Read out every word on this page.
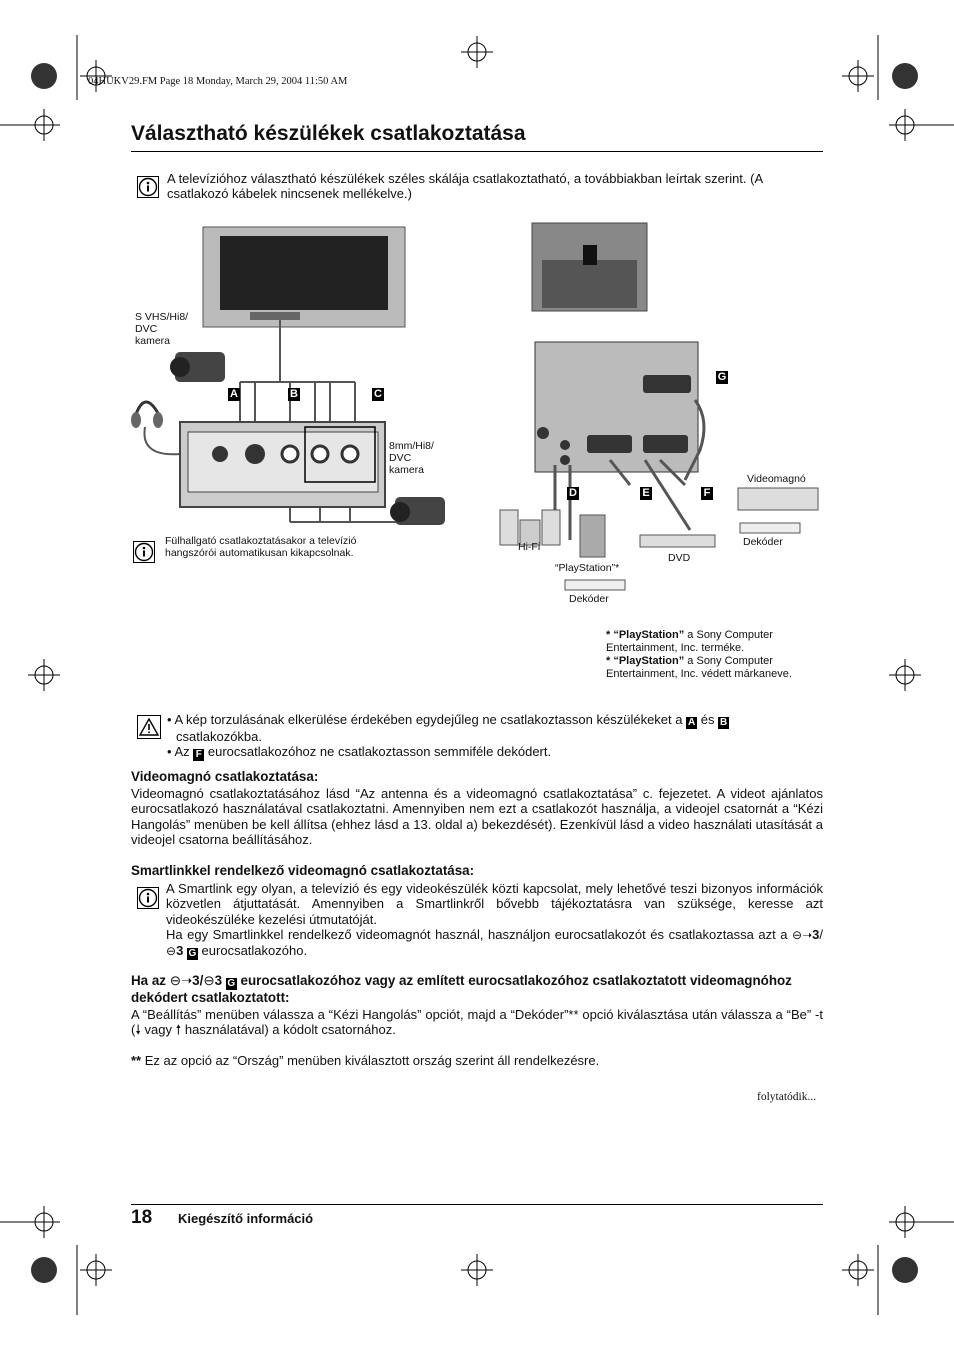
04HUKV29.FM Page 18 Monday, March 29, 2004 11:50 AM
Választható készülékek csatlakoztatása

A televízióhoz választható készülékek széles skálája csatlakoztatható, a továbbiakban leírtak szerint. (A csatlakozó kábelek nincsenek mellékelve.)

S VHS/Hi8/
DVC
kamera
8mm/Hi8/
DVC
kamera
A	B	C
Fülhallgató csatlakoztatásakor a televízió hangszórói automatikusan kikapcsolnak.
G
D	E	F
Videomagnó
Hi-Fi	Dekóder
DVD
“PlayStation”*
Dekóder
* “PlayStation” a Sony Computer Entertainment, Inc. terméke.
* “PlayStation” a Sony Computer Entertainment, Inc. védett márkaneve.
• A kép torzulásának elkerülése érdekében egydejűleg ne csatlakoztasson készülékeket a A és B
csatlakozókba.
• Az F eurocsatlakozóhoz ne csatlakoztasson semmiféle dekódert.
Videomagnó csatlakoztatása:

Videomagnó csatlakoztatásához lásd “Az antenna és a videomagnó csatlakoztatása” c. fejezetet. A videot ajánlatos eurocsatlakozó használatával csatlakoztatni. Amennyiben nem ezt a csatlakozót használja, a videojel csatornát a “Kézi Hangolás” menüben be kell állítsa (ehhez lásd a 13. oldal a) bekezdését). Ezenkívül lásd a video használati utasítását a videojel csatorna beállításához.

Smartlinkkel rendelkező videomagnó csatlakoztatása:

A Smartlink egy olyan, a televízió és egy videokészülék közti kapcsolat, mely lehetővé teszi bizonyos információk közvetlen átjuttatását. Amennyiben a Smartlinkről bővebb tájékoztatásra van szüksége, keresse azt videokészüléke kezelési útmutatóját.

Ha egy Smartlinkkel rendelkező videomagnót használ, használjon eurocsatlakozót és csatlakoztassa azt a ⊖➝3/⊖3 G eurocsatlakozóho.

Ha az ⊖➝3/⊖3 G eurocsatlakozóhoz vagy az említett eurocsatlakozóhoz csatlakoztatott videomagnóhoz dekódert csatlakoztatott:

A “Beállítás” menüben válassza a “Kézi Hangolás” opciót, majd a “Dekóder”** opció kiválasztása után válassza a “Be” -t (🠗 vagy 🠕 használatával) a kódolt csatornához.

** Ez az opció az “Ország” menüben kiválasztott ország szerint áll rendelkezésre.

folytatódik...
18 Kiegészítő információ
